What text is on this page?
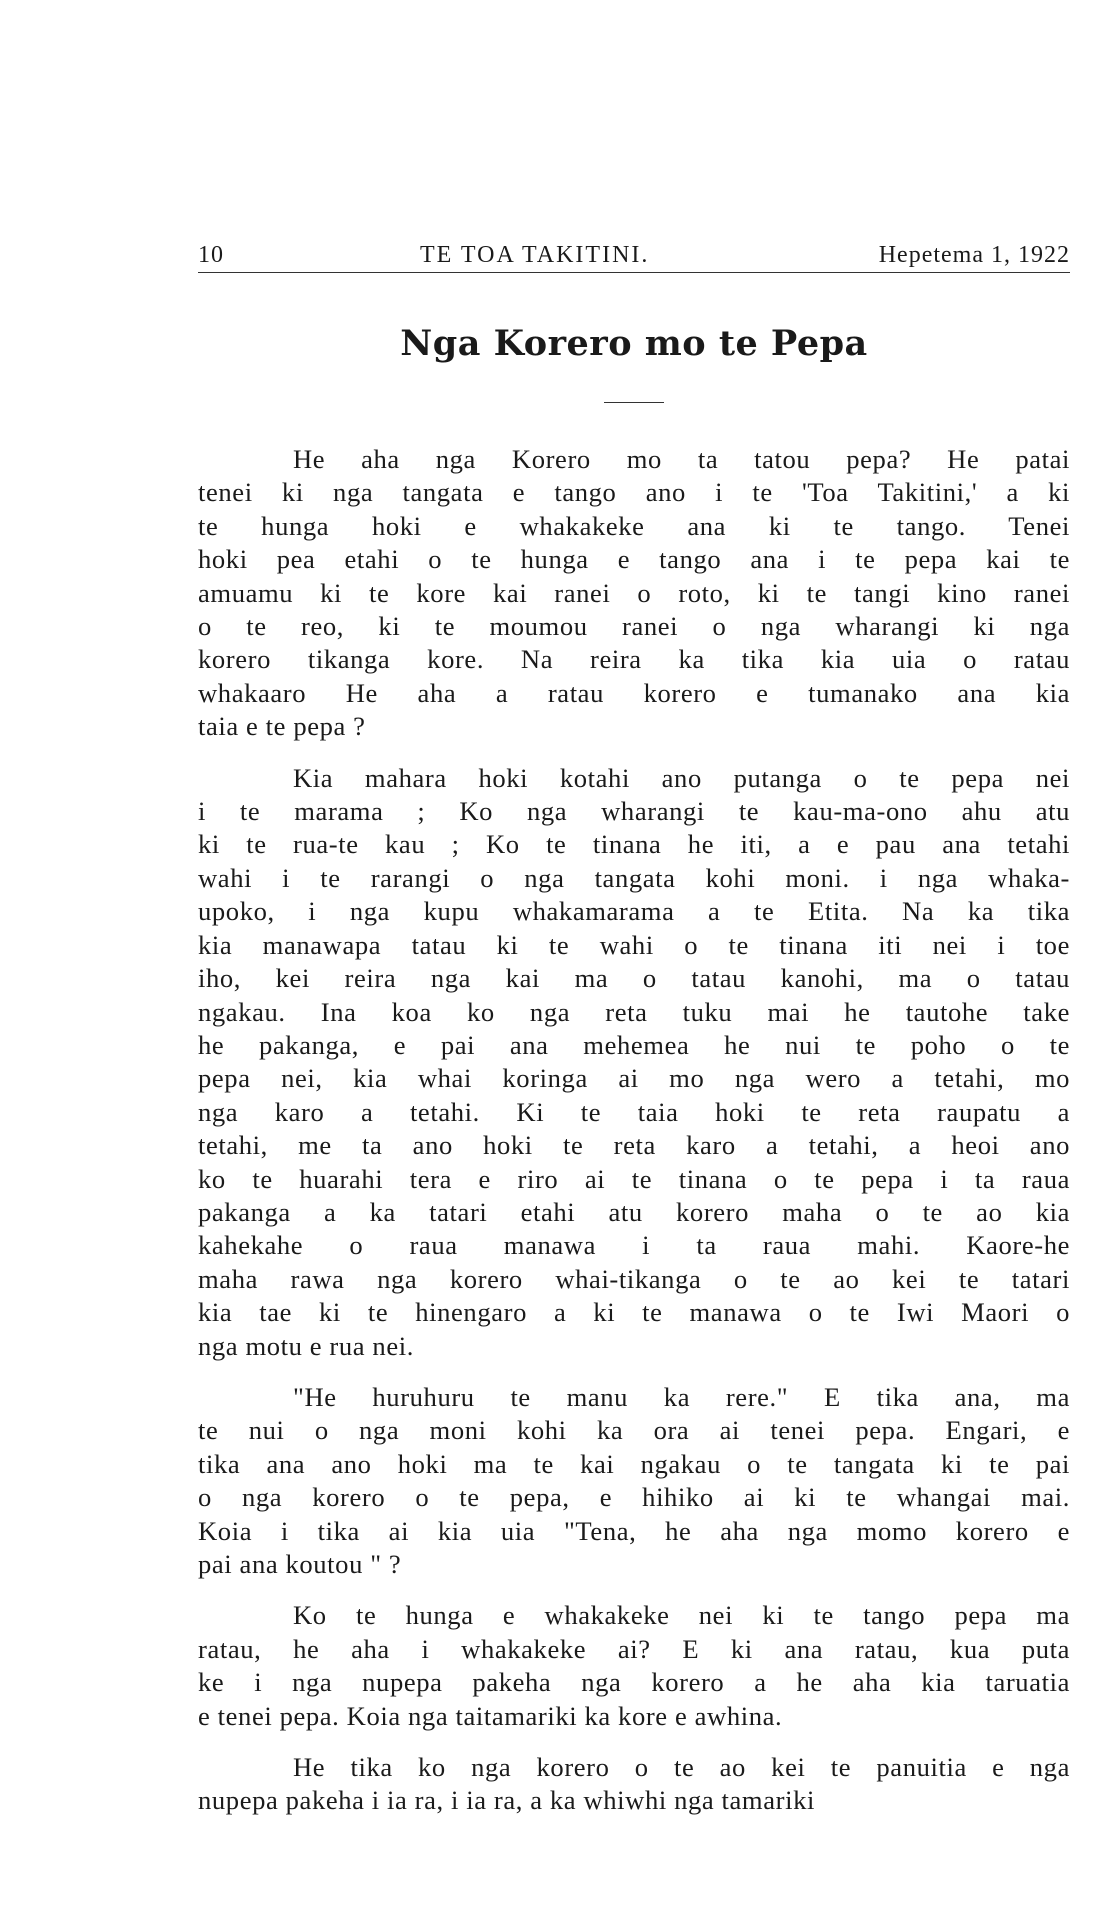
10	TE TOA TAKITINI.	Hepetema 1, 1922
Nga Korero mo te Pepa
He aha nga Korero mo ta tatou pepa? He patai
tenei ki nga tangata e tango ano i te 'Toa Takitini,' a ki
te hunga hoki e whakakeke ana ki te tango. Tenei
hoki pea etahi o te hunga e tango ana i te pepa kai te
amuamu ki te kore kai ranei o roto, ki te tangi kino ranei
o te reo, ki te moumou ranei o nga wharangi ki nga
korero tikanga kore. Na reira ka tika kia uia o ratau
whakaaro He aha a ratau korero e tumanako ana kia
taia e te pepa ?
Kia mahara hoki kotahi ano putanga o te pepa nei
i te marama ; Ko nga wharangi te kau-ma-ono ahu atu
ki te rua-te kau ; Ko te tinana he iti, a e pau ana tetahi
wahi i te rarangi o nga tangata kohi moni. i nga whaka-
upoko, i nga kupu whakamarama a te Etita. Na ka tika
kia manawapa tatau ki te wahi o te tinana iti nei i toe
iho, kei reira nga kai ma o tatau kanohi, ma o tatau
ngakau. Ina koa ko nga reta tuku mai he tautohe take
he pakanga, e pai ana mehemea he nui te poho o te
pepa nei, kia whai koringa ai mo nga wero a tetahi, mo
nga karo a tetahi. Ki te taia hoki te reta raupatu a
tetahi, me ta ano hoki te reta karo a tetahi, a heoi ano
ko te huarahi tera e riro ai te tinana o te pepa i ta raua
pakanga a ka tatari etahi atu korero maha o te ao kia
kahekahe o raua manawa i ta raua mahi. Kaore-he
maha rawa nga korero whai-tikanga o te ao kei te tatari
kia tae ki te hinengaro a ki te manawa o te Iwi Maori o
nga motu e rua nei.
"He huruhuru te manu ka rere." E tika ana, ma
te nui o nga moni kohi ka ora ai tenei pepa. Engari, e
tika ana ano hoki ma te kai ngakau o te tangata ki te pai
o nga korero o te pepa, e hihiko ai ki te whangai mai.
Koia i tika ai kia uia "Tena, he aha nga momo korero e
pai ana koutou " ?
Ko te hunga e whakakeke nei ki te tango pepa ma
ratau, he aha i whakakeke ai? E ki ana ratau, kua puta
ke i nga nupepa pakeha nga korero a he aha kia taruatia
e tenei pepa. Koia nga taitamariki ka kore e awhina.
He tika ko nga korero o te ao kei te panuitia e nga
nupepa pakeha i ia ra, i ia ra, a ka whiwhi nga tamariki
